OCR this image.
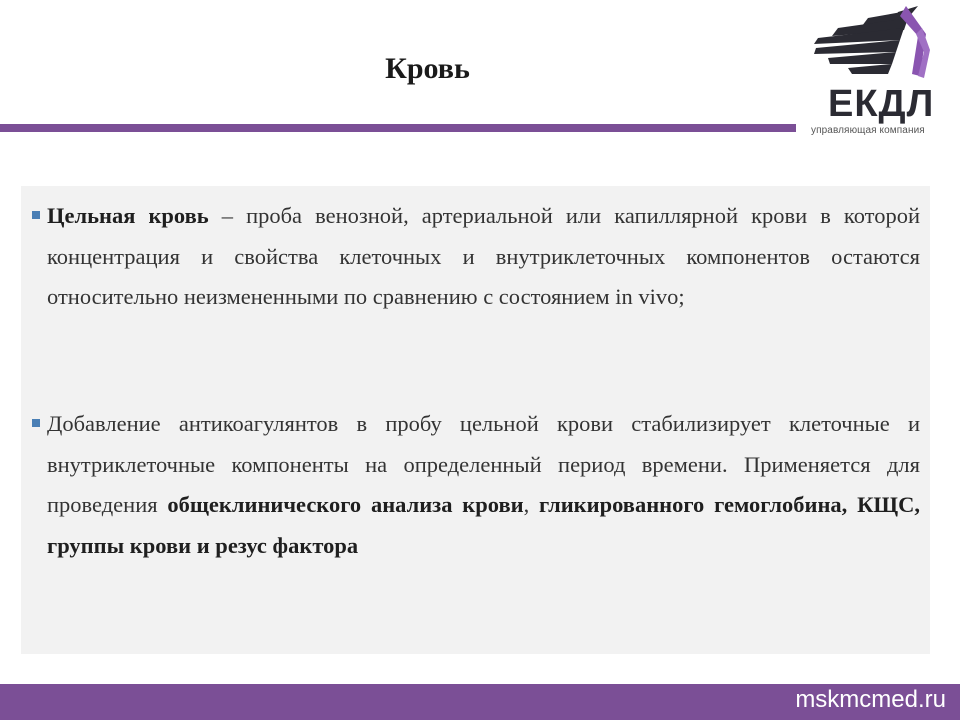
Кровь
ЕКДЛ
управляющая компания
Цельная кровь – проба венозной, артериальной или капиллярной крови в которой концентрация и свойства клеточных и внутриклеточных компонентов остаются относительно неизмененными по сравнению с состоянием in vivo;
Добавление антикоагулянтов в пробу цельной крови стабилизирует клеточные и внутриклеточные компоненты на определенный период времени. Применяется для проведения общеклинического анализа крови, гликированного гемоглобина, КЩС, группы крови и резус фактора
mskmcmed.ru
